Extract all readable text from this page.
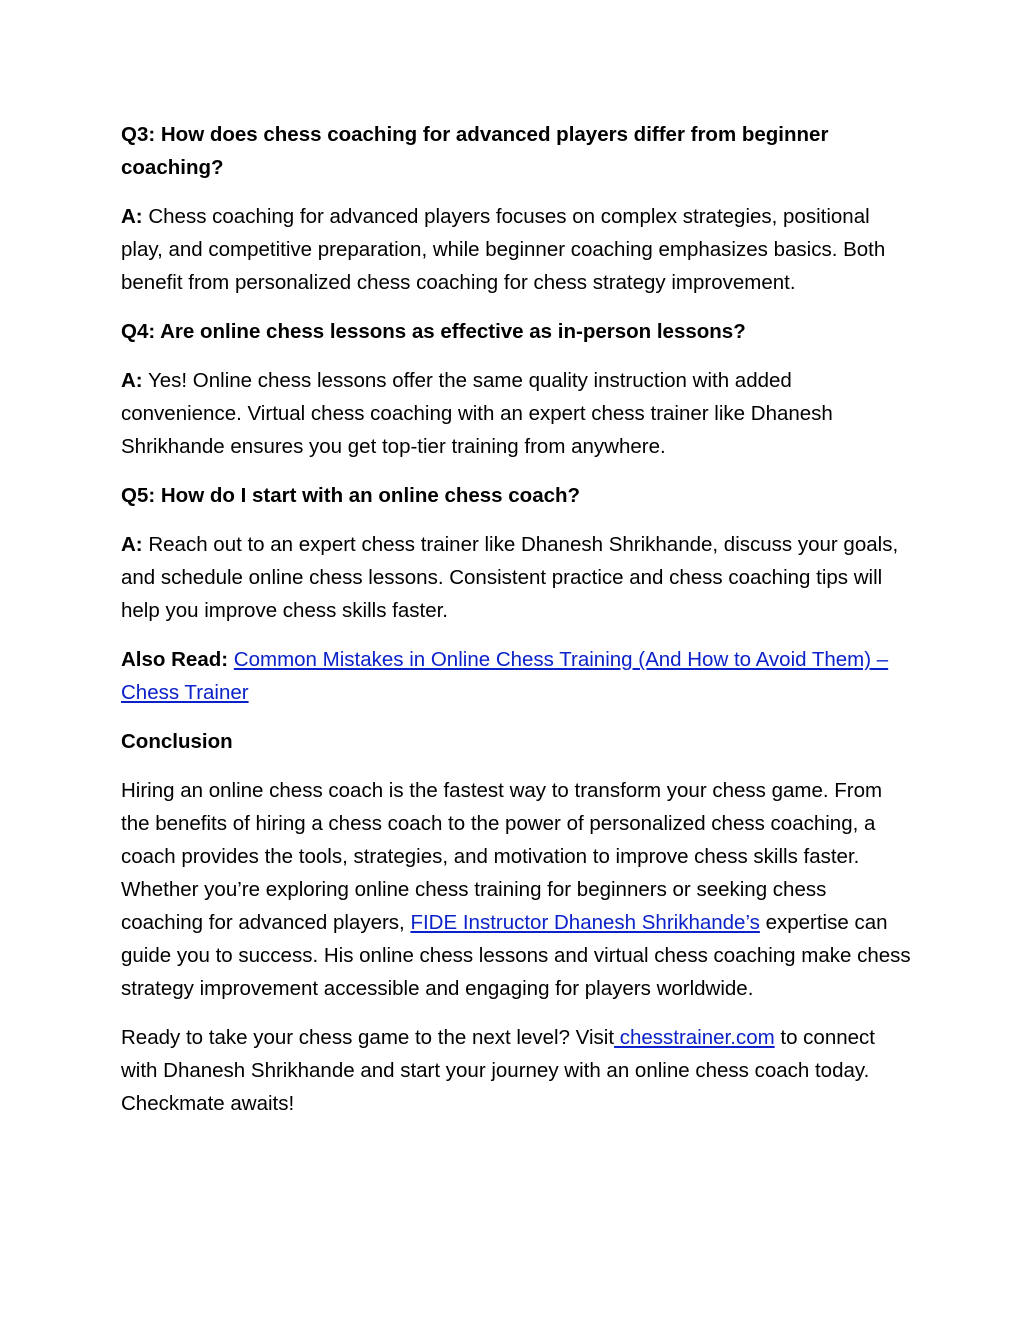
Q3: How does chess coaching for advanced players differ from beginner coaching?

A: Chess coaching for advanced players focuses on complex strategies, positional play, and competitive preparation, while beginner coaching emphasizes basics. Both benefit from personalized chess coaching for chess strategy improvement.

Q4: Are online chess lessons as effective as in-person lessons?

A: Yes! Online chess lessons offer the same quality instruction with added convenience. Virtual chess coaching with an expert chess trainer like Dhanesh Shrikhande ensures you get top-tier training from anywhere.

Q5: How do I start with an online chess coach?

A: Reach out to an expert chess trainer like Dhanesh Shrikhande, discuss your goals, and schedule online chess lessons. Consistent practice and chess coaching tips will help you improve chess skills faster.

Also Read: Common Mistakes in Online Chess Training (And How to Avoid Them) – Chess Trainer

Conclusion

Hiring an online chess coach is the fastest way to transform your chess game. From the benefits of hiring a chess coach to the power of personalized chess coaching, a coach provides the tools, strategies, and motivation to improve chess skills faster. Whether you’re exploring online chess training for beginners or seeking chess coaching for advanced players, FIDE Instructor Dhanesh Shrikhande’s expertise can guide you to success. His online chess lessons and virtual chess coaching make chess strategy improvement accessible and engaging for players worldwide.

Ready to take your chess game to the next level? Visit chesstrainer.com to connect with Dhanesh Shrikhande and start your journey with an online chess coach today. Checkmate awaits!
